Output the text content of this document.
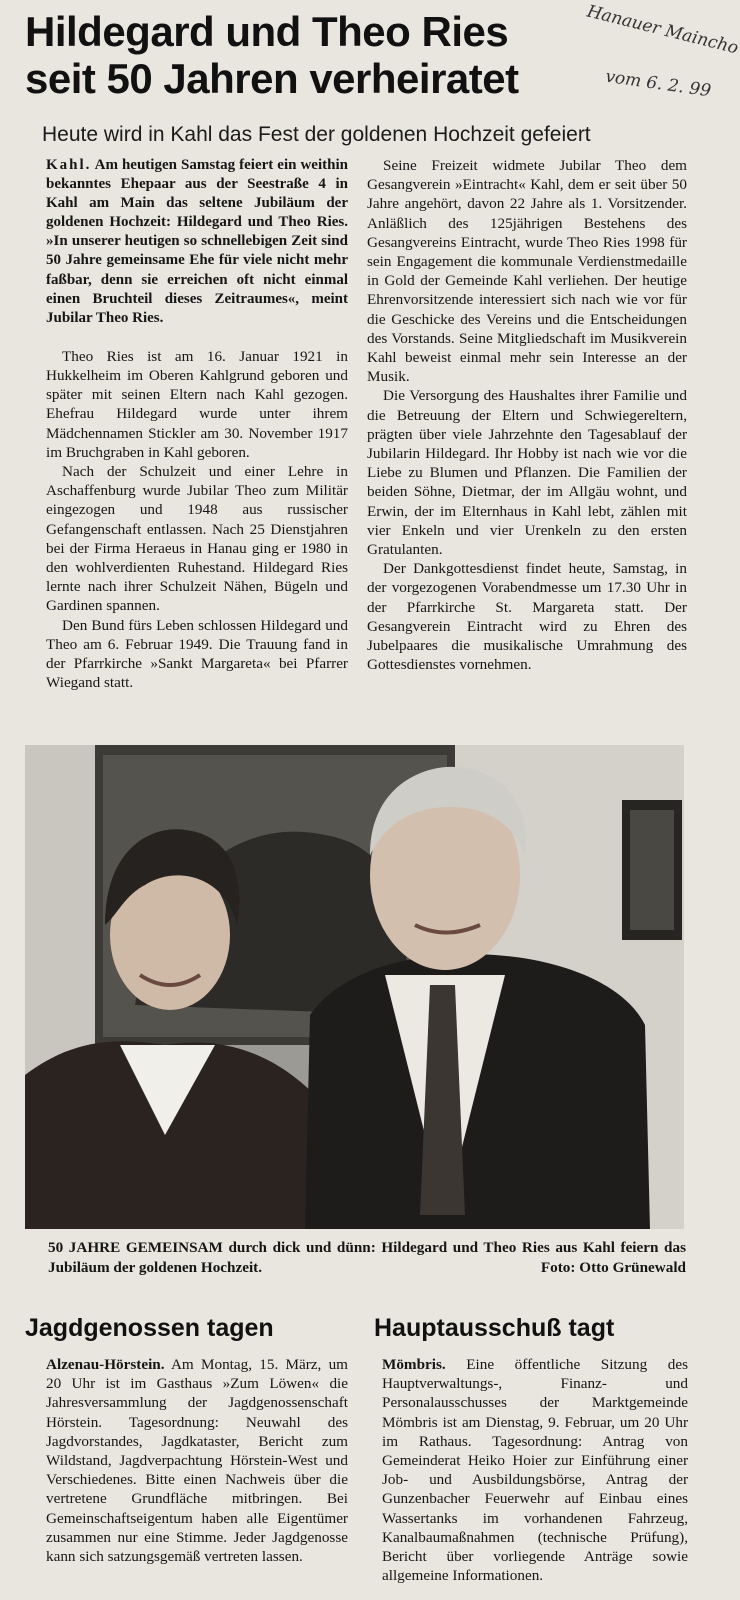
Hildegard und Theo Ries
seit 50 Jahren verheiratet
Hanauer Maincho
vom 6. 2. 99
Heute wird in Kahl das Fest der goldenen Hochzeit gefeiert

Kahl. Am heutigen Samstag feiert ein weithin bekanntes Ehepaar aus der Seestraße 4 in Kahl am Main das seltene Jubiläum der goldenen Hochzeit: Hildegard und Theo Ries. »In unserer heutigen so schnellebigen Zeit sind 50 Jahre gemeinsame Ehe für viele nicht mehr faßbar, denn sie erreichen oft nicht einmal einen Bruchteil dieses Zeitraumes«, meint Jubilar Theo Ries.

Theo Ries ist am 16. Januar 1921 in Hukkelheim im Oberen Kahlgrund geboren und später mit seinen Eltern nach Kahl gezogen. Ehefrau Hildegard wurde unter ihrem Mädchennamen Stickler am 30. November 1917 im Bruchgraben in Kahl geboren.

Nach der Schulzeit und einer Lehre in Aschaffenburg wurde Jubilar Theo zum Militär eingezogen und 1948 aus russischer Gefangenschaft entlassen. Nach 25 Dienstjahren bei der Firma Heraeus in Hanau ging er 1980 in den wohlverdienten Ruhestand. Hildegard Ries lernte nach ihrer Schulzeit Nähen, Bügeln und Gardinen spannen.

Den Bund fürs Leben schlossen Hildegard und Theo am 6. Februar 1949. Die Trauung fand in der Pfarrkirche »Sankt Margareta« bei Pfarrer Wiegand statt.

Seine Freizeit widmete Jubilar Theo dem Gesangverein »Eintracht« Kahl, dem er seit über 50 Jahre angehört, davon 22 Jahre als 1. Vorsitzender. Anläßlich des 125jährigen Bestehens des Gesangvereins Eintracht, wurde Theo Ries 1998 für sein Engagement die kommunale Verdienstmedaille in Gold der Gemeinde Kahl verliehen. Der heutige Ehrenvorsitzende interessiert sich nach wie vor für die Geschicke des Vereins und die Entscheidungen des Vorstands. Seine Mitgliedschaft im Musikverein Kahl beweist einmal mehr sein Interesse an der Musik.

Die Versorgung des Haushaltes ihrer Familie und die Betreuung der Eltern und Schwiegereltern, prägten über viele Jahrzehnte den Tagesablauf der Jubilarin Hildegard. Ihr Hobby ist nach wie vor die Liebe zu Blumen und Pflanzen. Die Familien der beiden Söhne, Dietmar, der im Allgäu wohnt, und Erwin, der im Elternhaus in Kahl lebt, zählen mit vier Enkeln und vier Urenkeln zu den ersten Gratulanten.

Der Dankgottesdienst findet heute, Samstag, in der vorgezogenen Vorabendmesse um 17.30 Uhr in der Pfarrkirche St. Margareta statt. Der Gesangverein Eintracht wird zu Ehren des Jubelpaares die musikalische Umrahmung des Gottesdienstes vornehmen.

50 JAHRE GEMEINSAM durch dick und dünn: Hildegard und Theo Ries aus Kahl feiern das Jubiläum der goldenen Hochzeit.	Foto: Otto Grünewald
Jagdgenossen tagen	Hauptausschuß tagt

Alzenau-Hörstein. Am Montag, 15. März, um 20 Uhr ist im Gasthaus »Zum Löwen« die Jahresversammlung der Jagdgenossenschaft Hörstein. Tagesordnung: Neuwahl des Jagdvorstandes, Jagdkataster, Bericht zum Wildstand, Jagdverpachtung Hörstein-West und Verschiedenes. Bitte einen Nachweis über die vertretene Grundfläche mitbringen. Bei Gemeinschaftseigentum haben alle Eigentümer zusammen nur eine Stimme. Jeder Jagdgenosse kann sich satzungsgemäß vertreten lassen.

Mömbris. Eine öffentliche Sitzung des Hauptverwaltungs-, Finanz- und Personalausschusses der Marktgemeinde Mömbris ist am Dienstag, 9. Februar, um 20 Uhr im Rathaus. Tagesordnung: Antrag von Gemeinderat Heiko Hoier zur Einführung einer Job- und Ausbildungsbörse, Antrag der Gunzenbacher Feuerwehr auf Einbau eines Wassertanks im vorhandenen Fahrzeug, Kanalbaumaßnahmen (technische Prüfung), Bericht über vorliegende Anträge sowie allgemeine Informationen.
